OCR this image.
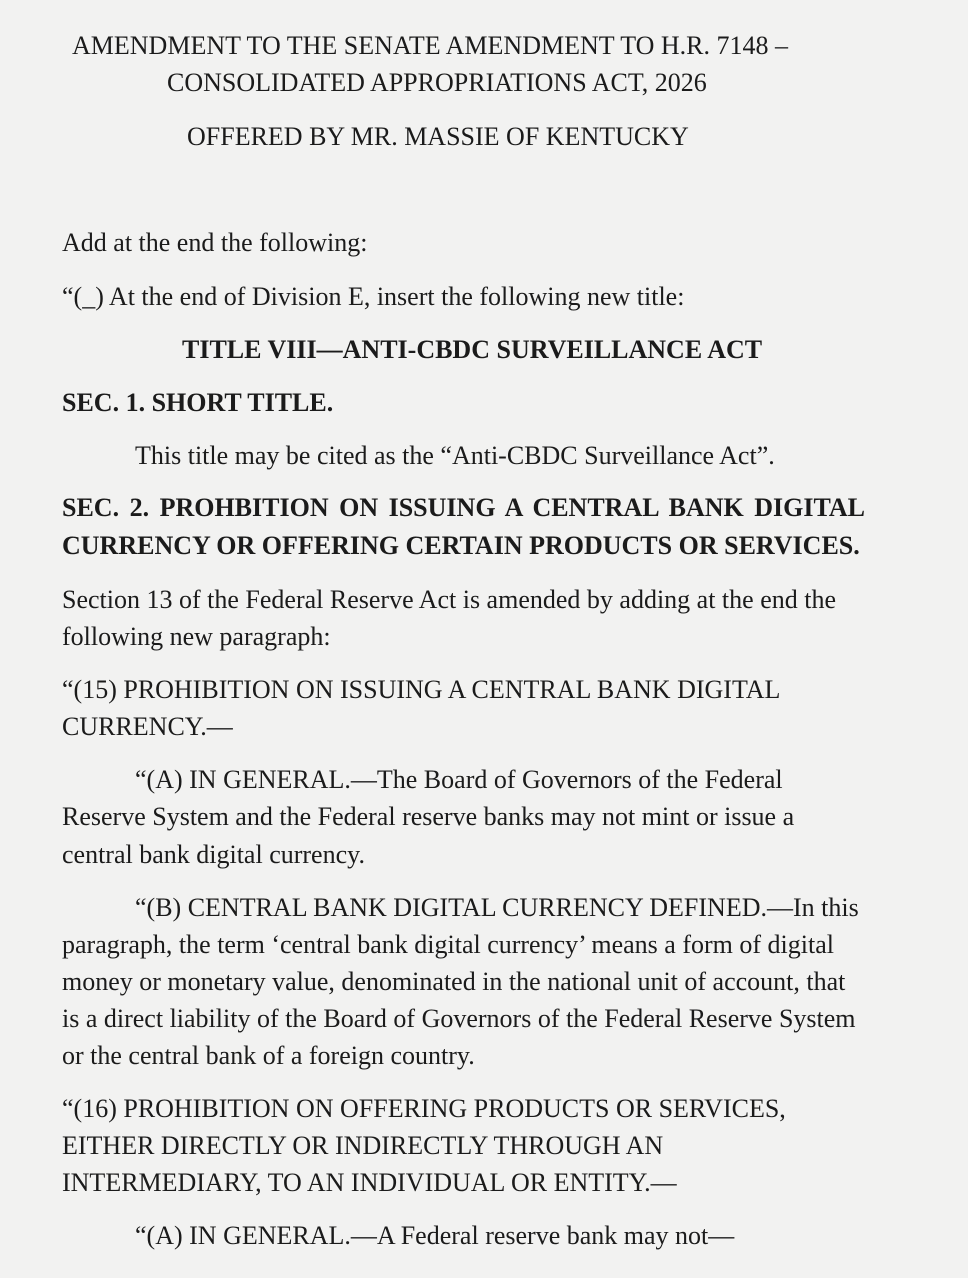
AMENDMENT TO THE SENATE AMENDMENT TO H.R. 7148 –
CONSOLIDATED APPROPRIATIONS ACT, 2026
OFFERED BY MR. MASSIE OF KENTUCKY
Add at the end the following:
“(_) At the end of Division E, insert the following new title:
TITLE VIII—ANTI-CBDC SURVEILLANCE ACT
SEC. 1. SHORT TITLE.
This title may be cited as the “Anti-CBDC Surveillance Act”.
SEC. 2. PROHBITION ON ISSUING A CENTRAL BANK DIGITAL
CURRENCY OR OFFERING CERTAIN PRODUCTS OR SERVICES.
Section 13 of the Federal Reserve Act is amended by adding at the end the
following new paragraph:
“(15) PROHIBITION ON ISSUING A CENTRAL BANK DIGITAL
CURRENCY.—
“(A) IN GENERAL.—The Board of Governors of the Federal
Reserve System and the Federal reserve banks may not mint or issue a
central bank digital currency.
“(B) CENTRAL BANK DIGITAL CURRENCY DEFINED.—In this
paragraph, the term ‘central bank digital currency’ means a form of digital
money or monetary value, denominated in the national unit of account, that
is a direct liability of the Board of Governors of the Federal Reserve System
or the central bank of a foreign country.
“(16) PROHIBITION ON OFFERING PRODUCTS OR SERVICES,
EITHER DIRECTLY OR INDIRECTLY THROUGH AN
INTERMEDIARY, TO AN INDIVIDUAL OR ENTITY.—
“(A) IN GENERAL.—A Federal reserve bank may not—
